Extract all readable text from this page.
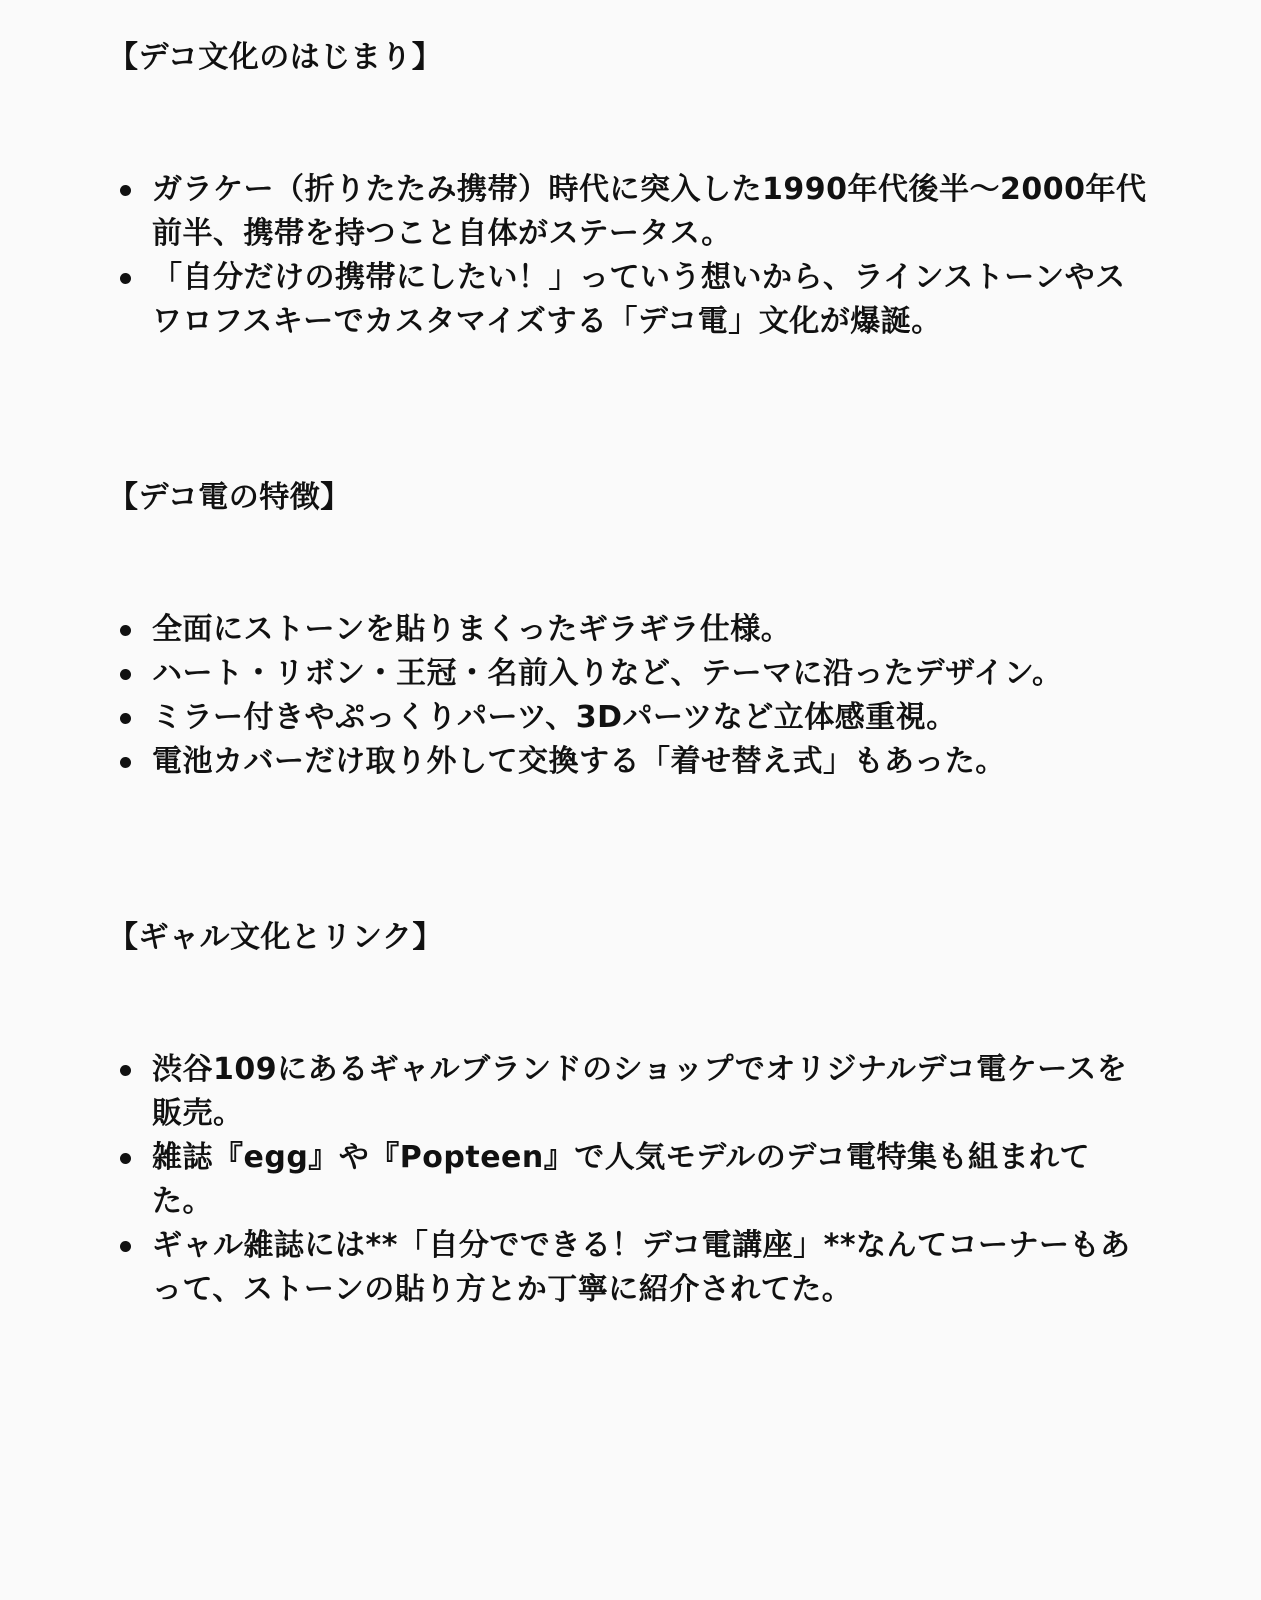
【デコ文化のはじまり】
ガラケー（折りたたみ携帯）時代に突入した1990年代後半〜2000年代前半、携帯を持つこと自体がステータス。
「自分だけの携帯にしたい！」っていう想いから、ラインストーンやスワロフスキーでカスタマイズする「デコ電」文化が爆誕。
【デコ電の特徴】
全面にストーンを貼りまくったギラギラ仕様。
ハート・リボン・王冠・名前入りなど、テーマに沿ったデザイン。
ミラー付きやぷっくりパーツ、3Dパーツなど立体感重視。
電池カバーだけ取り外して交換する「着せ替え式」もあった。
【ギャル文化とリンク】
渋谷109にあるギャルブランドのショップでオリジナルデコ電ケースを販売。
雑誌『egg』や『Popteen』で人気モデルのデコ電特集も組まれてた。
ギャル雑誌には**「自分でできる！デコ電講座」**なんてコーナーもあって、ストーンの貼り方とか丁寧に紹介されてた。
